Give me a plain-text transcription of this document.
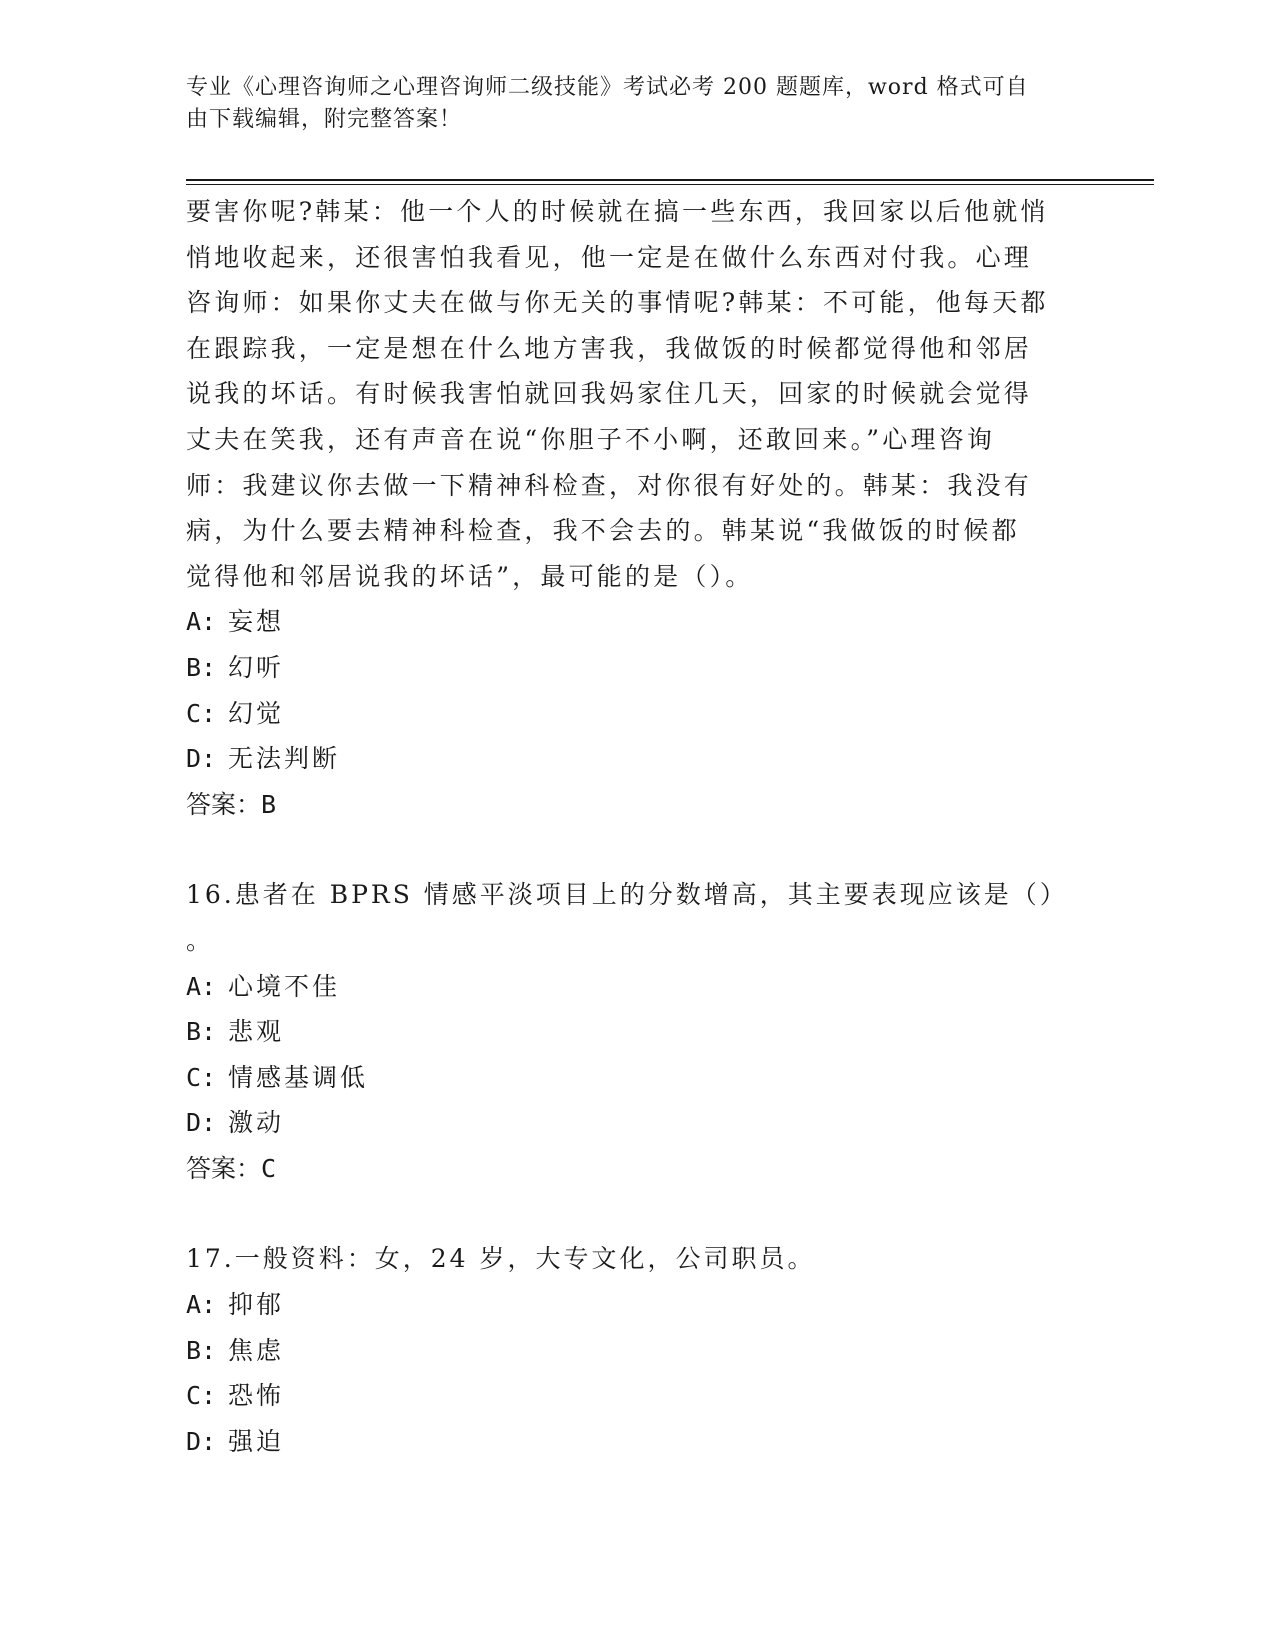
专业《心理咨询师之心理咨询师二级技能》考试必考 200 题题库，word 格式可自
由下载编辑，附完整答案！

要害你呢?韩某：他一个人的时候就在搞一些东西，我回家以后他就悄

悄地收起来，还很害怕我看见，他一定是在做什么东西对付我。心理

咨询师：如果你丈夫在做与你无关的事情呢?韩某：不可能，他每天都

在跟踪我，一定是想在什么地方害我，我做饭的时候都觉得他和邻居

说我的坏话。有时候我害怕就回我妈家住几天，回家的时候就会觉得

丈夫在笑我，还有声音在说“你胆子不小啊，还敢回来。”心理咨询

师：我建议你去做一下精神科检查，对你很有好处的。韩某：我没有

病，为什么要去精神科检查，我不会去的。韩某说“我做饭的时候都

觉得他和邻居说我的坏话”，最可能的是（）。

A: 妄想

B: 幻听

C: 幻觉

D: 无法判断

答案：B

16.患者在 BPRS 情感平淡项目上的分数增高，其主要表现应该是（）

。

A: 心境不佳

B: 悲观

C: 情感基调低

D: 激动

答案：C

17.一般资料：女，24 岁，大专文化，公司职员。

A: 抑郁

B: 焦虑

C: 恐怖

D: 强迫
